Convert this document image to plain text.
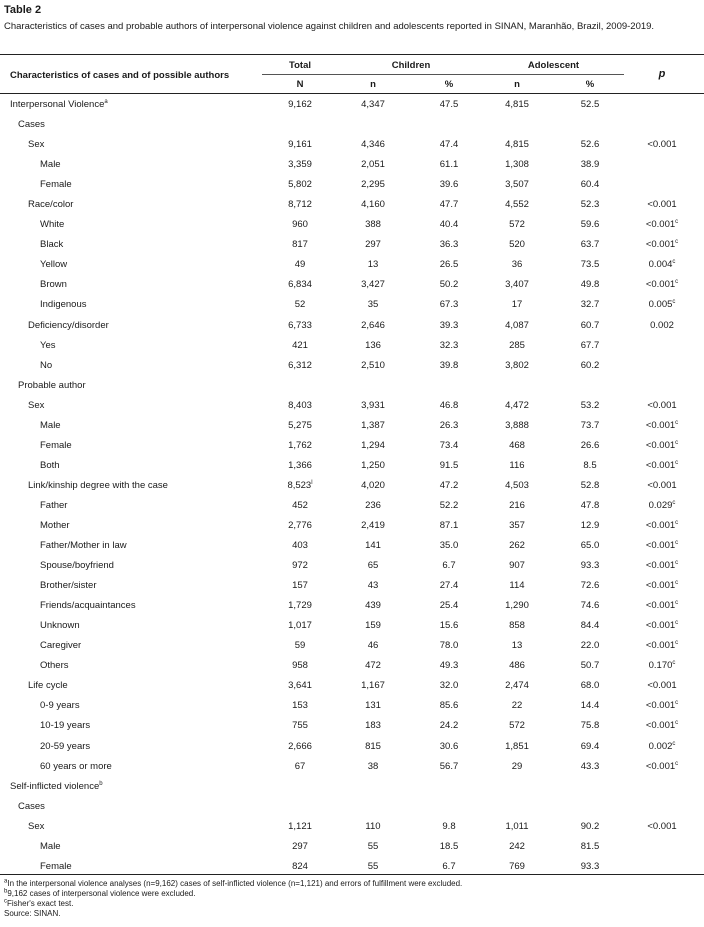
Table 2
Characteristics of cases and probable authors of interpersonal violence against children and adolescents reported in SINAN, Maranhão, Brazil, 2009-2019.
Characteristics of cases and of possible authors
Total	Children	Adolescent
p
N	n	%	n	%
Interpersonal Violence$^a$	9,162	4,347	47.5	4,815	52.5
Cases
Sex	9,161	4,346	47.4	4,815	52.6	<0.001
Male	3,359	2,051	61.1	1,308	38.9
Female	5,802	2,295	39.6	3,507	60.4
Race/color	8,712	4,160	47.7	4,552	52.3	<0.001
White	960	388	40.4	572	59.6	<0.001$^c$
Black	817	297	36.3	520	63.7	<0.001$^c$
Yellow	49	13	26.5	36	73.5	0.004$^c$
Brown	6,834	3,427	50.2	3,407	49.8	<0.001$^c$
Indigenous	52	35	67.3	17	32.7	0.005$^c$
Deficiency/disorder	6,733	2,646	39.3	4,087	60.7	0.002
Yes	421	136	32.3	285	67.7
No	6,312	2,510	39.8	3,802	60.2
Probable author
Sex	8,403	3,931	46.8	4,472	53.2	<0.001
Male	5,275	1,387	26.3	3,888	73.7	<0.001$^c$
Female	1,762	1,294	73.4	468	26.6	<0.001$^c$
Both	1,366	1,250	91.5	116	8.5	<0.001$^c$
Link/kinship degree with the case	8,523$^l$	4,020	47.2	4,503	52.8	<0.001
Father	452	236	52.2	216	47.8	0.029$^c$
Mother	2,776	2,419	87.1	357	12.9	<0.001$^c$
Father/Mother in law	403	141	35.0	262	65.0	<0.001$^c$
Spouse/boyfriend	972	65	6.7	907	93.3	<0.001$^c$
Brother/sister	157	43	27.4	114	72.6	<0.001$^c$
Friends/acquaintances	1,729	439	25.4	1,290	74.6	<0.001$^c$
Unknown	1,017	159	15.6	858	84.4	<0.001$^c$
Caregiver	59	46	78.0	13	22.0	<0.001$^c$
Others	958	472	49.3	486	50.7	0.170$^c$
Life cycle	3,641	1,167	32.0	2,474	68.0	<0.001
0-9 years	153	131	85.6	22	14.4	<0.001$^c$
10-19 years	755	183	24.2	572	75.8	<0.001$^c$
20-59 years	2,666	815	30.6	1,851	69.4	0.002$^c$
60 years or more	67	38	56.7	29	43.3	<0.001$^c$
Self-inflicted violence$^b$
Cases
Sex	1,121	110	9.8	1,011	90.2	<0.001
Male	297	55	18.5	242	81.5
Female	824	55	6.7	769	93.3
$^a$In the interpersonal violence analyses (n=9,162) cases of self-inflicted violence (n=1,121) and errors of fulfillment were excluded.
$^b$9,162 cases of interpersonal violence were excluded.
$^c$Fisher's exact test.
Source: SINAN.
